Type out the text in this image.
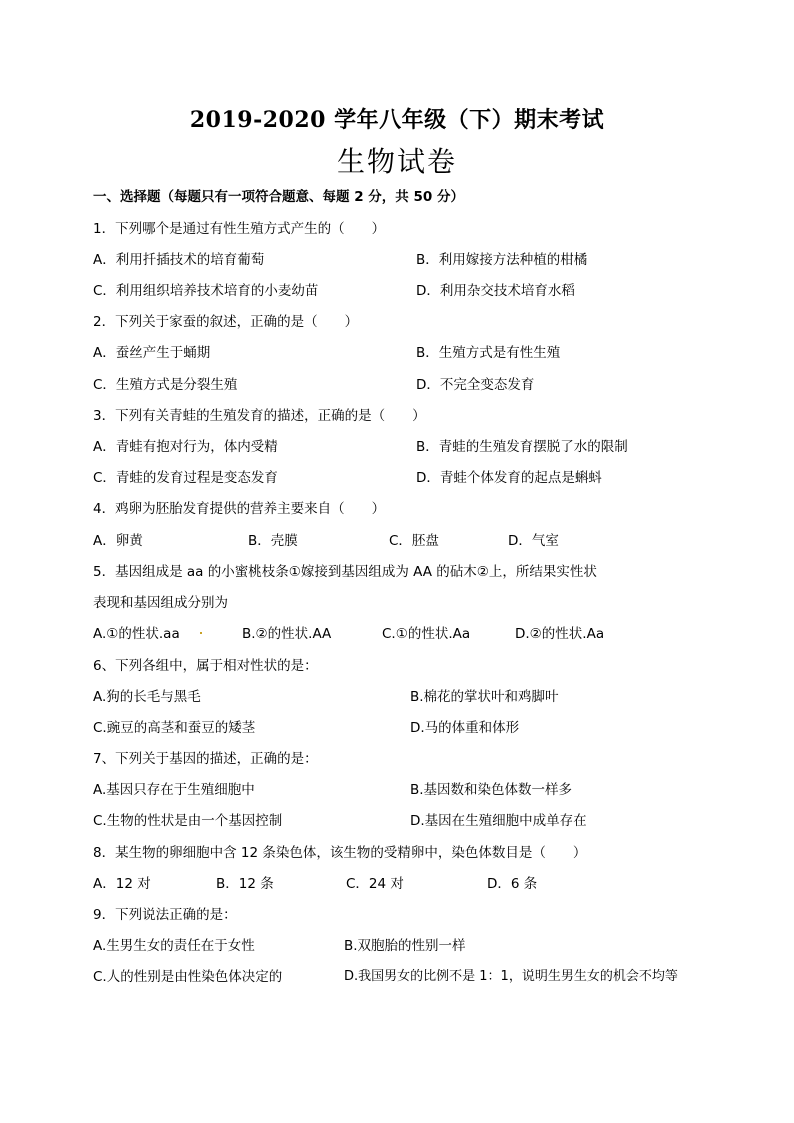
2019-2020 学年八年级（下）期末考试
生物试卷
一、选择题（每题只有一项符合题意、每题 2 分，共 50 分）
1．下列哪个是通过有性生殖方式产生的（　　）
A．利用扦插技术的培育葡萄	B．利用嫁接方法种植的柑橘
C．利用组织培养技术培育的小麦幼苗	D．利用杂交技术培育水稻
2．下列关于家蚕的叙述，正确的是（　　）
A．蚕丝产生于蛹期	B．生殖方式是有性生殖
C．生殖方式是分裂生殖	D．不完全变态发育
3．下列有关青蛙的生殖发育的描述，正确的是（　　）
A．青蛙有抱对行为，体内受精	B．青蛙的生殖发育摆脱了水的限制
C．青蛙的发育过程是变态发育	D．青蛙个体发育的起点是蝌蚪
4．鸡卵为胚胎发育提供的营养主要来自（　　）
A．卵黄	B．壳膜	C．胚盘	D．气室
5．基因组成是 aa 的小蜜桃枝条①嫁接到基因组成为 AA 的砧木②上，所结果实性状
表现和基因组成分别为
A.①的性状.aa	B.②的性状.AA	C.①的性状.Aa	D.②的性状.Aa
6、下列各组中，属于相对性状的是：
A.狗的长毛与黑毛	B.棉花的掌状叶和鸡脚叶
C.豌豆的高茎和蚕豆的矮茎	D.马的体重和体形
7、下列关于基因的描述，正确的是：
A.基因只存在于生殖细胞中	B.基因数和染色体数一样多
C.生物的性状是由一个基因控制	D.基因在生殖细胞中成单存在
8．某生物的卵细胞中含 12 条染色体，该生物的受精卵中，染色体数目是（　　）
A．12 对	B．12 条	C．24 对	D．6 条
9．下列说法正确的是：
A.生男生女的责任在于女性	B.双胞胎的性别一样
C.人的性别是由性染色体决定的	D.我国男女的比例不是 1：1，说明生男生女的机会不均等
